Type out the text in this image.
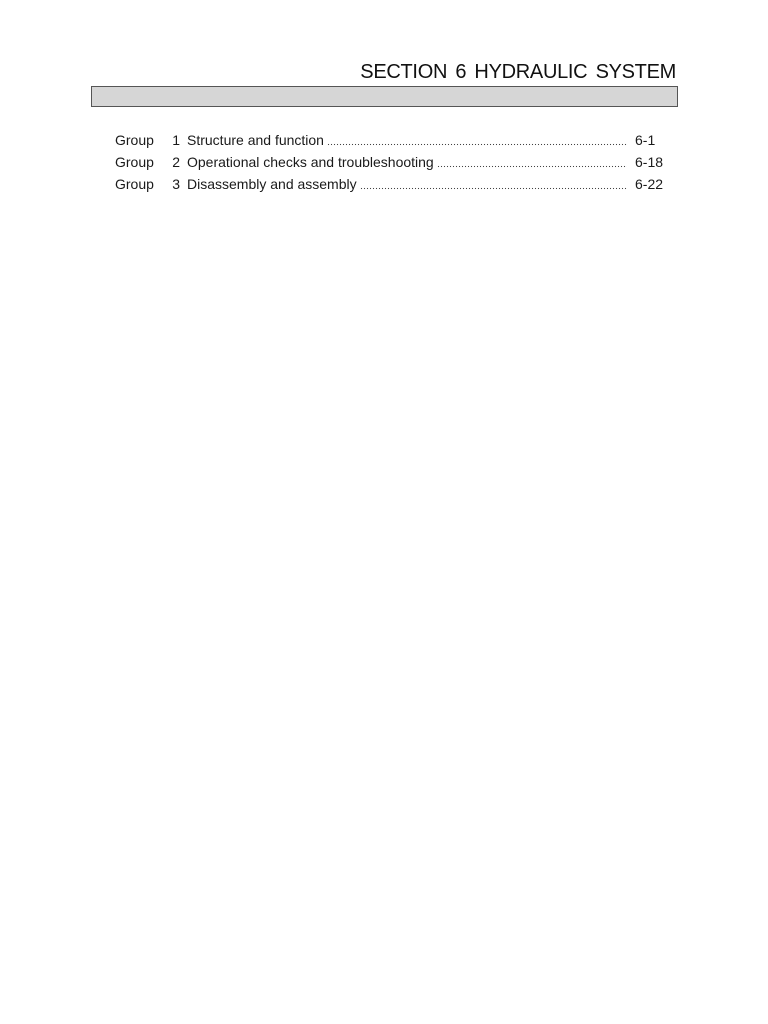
SECTION 6 HYDRAULIC SYSTEM
Group	1 Structure and function	6-1
Group	2 Operational checks and troubleshooting	6-18
Group	3 Disassembly and assembly	6-22
